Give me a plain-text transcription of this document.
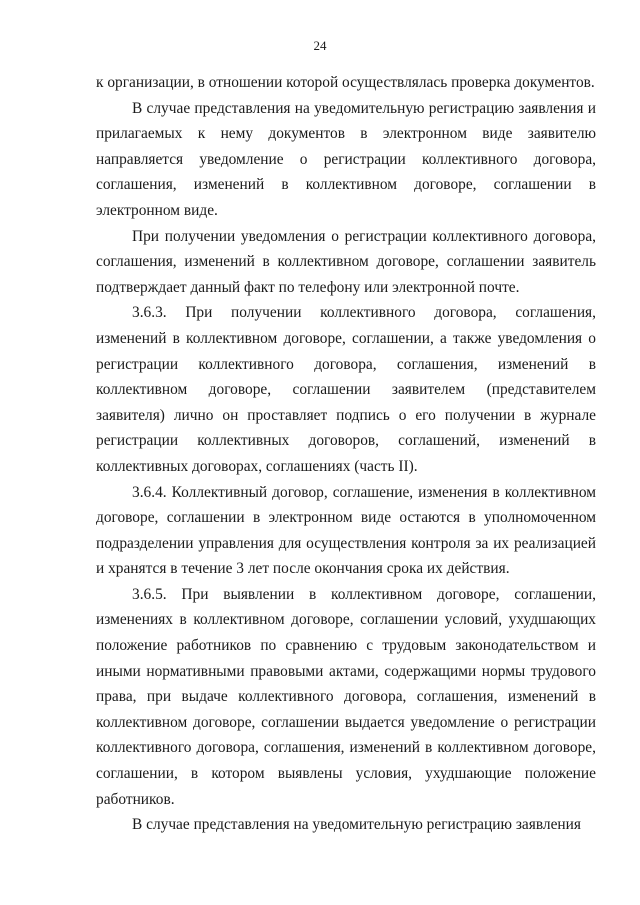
24

к организации, в отношении которой осуществлялась проверка документов.

В случае представления на уведомительную регистрацию заявления и прилагаемых к нему документов в электронном виде заявителю направляется уведомление о регистрации коллективного договора, соглашения, изменений в коллективном договоре, соглашении в электронном виде.

При получении уведомления о регистрации коллективного договора, соглашения, изменений в коллективном договоре, соглашении заявитель подтверждает данный факт по телефону или электронной почте.

3.6.3. При получении коллективного договора, соглашения, изменений в коллективном договоре, соглашении, а также уведомления о регистрации коллективного договора, соглашения, изменений в коллективном договоре, соглашении заявителем (представителем заявителя) лично он проставляет подпись о его получении в журнале регистрации коллективных договоров, соглашений, изменений в коллективных договорах, соглашениях (часть II).

3.6.4. Коллективный договор, соглашение, изменения в коллективном договоре, соглашении в электронном виде остаются в уполномоченном подразделении управления для осуществления контроля за их реализацией и хранятся в течение 3 лет после окончания срока их действия.

3.6.5. При выявлении в коллективном договоре, соглашении, изменениях в коллективном договоре, соглашении условий, ухудшающих положение работников по сравнению с трудовым законодательством и иными нормативными правовыми актами, содержащими нормы трудового права, при выдаче коллективного договора, соглашения, изменений в коллективном договоре, соглашении выдается уведомление о регистрации коллективного договора, соглашения, изменений в коллективном договоре, соглашении, в котором выявлены условия, ухудшающие положение работников.

В случае представления на уведомительную регистрацию заявления
